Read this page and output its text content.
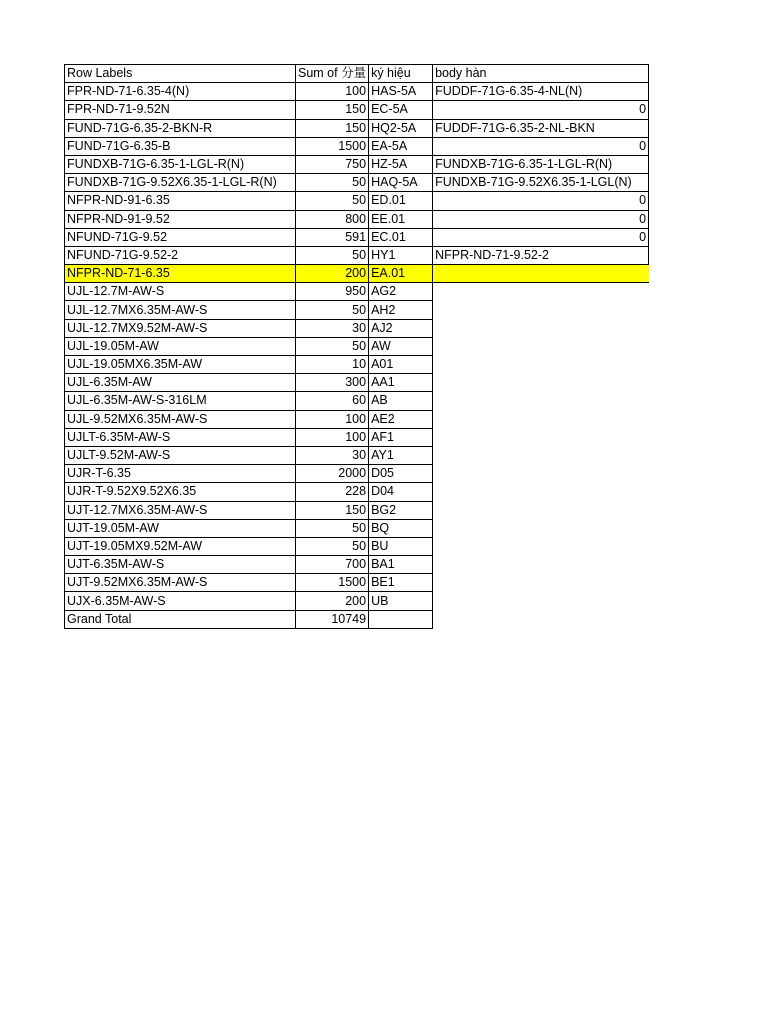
Row Labels	Sum of 分量	ký hiệu	body hàn
FPR-ND-71-6.35-4(N)	100	HAS-5A	FUDDF-71G-6.35-4-NL(N)
FPR-ND-71-9.52N	150	EC-5A	0
FUND-71G-6.35-2-BKN-R	150	HQ2-5A	FUDDF-71G-6.35-2-NL-BKN
FUND-71G-6.35-B	1500	EA-5A	0
FUNDXB-71G-6.35-1-LGL-R(N)	750	HZ-5A	FUNDXB-71G-6.35-1-LGL-R(N)
FUNDXB-71G-9.52X6.35-1-LGL-R(N)	50	HAQ-5A	FUNDXB-71G-9.52X6.35-1-LGL(N)
NFPR-ND-91-6.35	50	ED.01	0
NFPR-ND-91-9.52	800	EE.01	0
NFUND-71G-9.52	591	EC.01	0
NFUND-71G-9.52-2	50	HY1	NFPR-ND-71-9.52-2
NFPR-ND-71-6.35	200	EA.01	
UJL-12.7M-AW-S	950	AG2	
UJL-12.7MX6.35M-AW-S	50	AH2	
UJL-12.7MX9.52M-AW-S	30	AJ2	
UJL-19.05M-AW	50	AW	
UJL-19.05MX6.35M-AW	10	A01	
UJL-6.35M-AW	300	AA1	
UJL-6.35M-AW-S-316LM	60	AB	
UJL-9.52MX6.35M-AW-S	100	AE2	
UJLT-6.35M-AW-S	100	AF1	
UJLT-9.52M-AW-S	30	AY1	
UJR-T-6.35	2000	D05	
UJR-T-9.52X9.52X6.35	228	D04	
UJT-12.7MX6.35M-AW-S	150	BG2	
UJT-19.05M-AW	50	BQ	
UJT-19.05MX9.52M-AW	50	BU	
UJT-6.35M-AW-S	700	BA1	
UJT-9.52MX6.35M-AW-S	1500	BE1	
UJX-6.35M-AW-S	200	UB	
Grand Total	10749		
